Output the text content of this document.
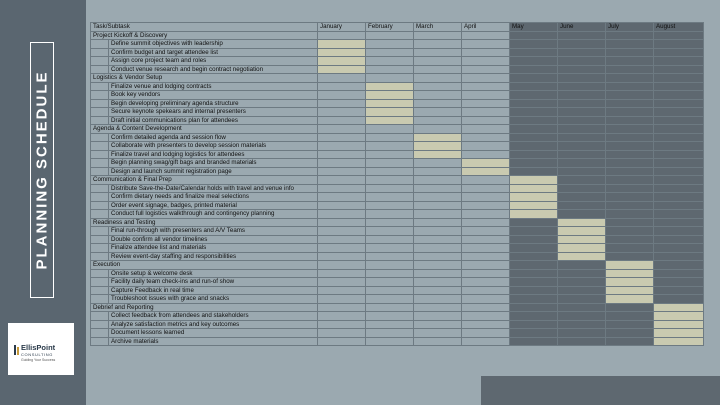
PLANNING SCHEDULE
EllisPoint
CONSULTING
Guiding Your Success
Task/Subtask		January	February	March	April	May	June	July	August
Project Kickoff & Discovery									
	Define summit objectives with leadership								
	Confirm budget and target attendee list								
	Assign core project team and roles								
	Conduct venue research and begin contract negotiation								
Logistics & Vendor Setup									
	Finalize venue and lodging contracts								
	Book key vendors								
	Begin developing preliminary agenda structure								
	Secure keynote spekears and internal presenters								
	Draft initial communications plan for attendees								
Agenda & Content Development									
	Confirm detailed agenda and session flow								
	Collaborate with presenters to develop session materials								
	Finalize travel and lodging logistics for attendees								
	Begin planning swag/gift bags and branded materials								
	Design and launch summit registration page								
Communication & Final Prep									
	Distribute Save-the-Date/Calendar holds with travel and venue info								
	Confirm dietary needs and finalize meal selections								
	Order event signage, badges, printed material								
	Conduct full logistics walkthrough and contingency planning								
Readiness and Testing									
	Final run-through with presenters and A/V Teams								
	Double confirm all vendor timelines								
	Finalize attendee list and materials								
	Review event-day staffing and responsibilities								
Execution									
	Onsite setup & welcome desk								
	Facility daily team check-ins and run-of show								
	Capture Feedback in real time								
	Troubleshoot issues with grace and snacks								
Debrief and Reporting									
	Collect feedback from attendees and stakeholders								
	Analyze satisfaction metrics and key outcomes								
	Document lessons learned								
	Archive materials								
